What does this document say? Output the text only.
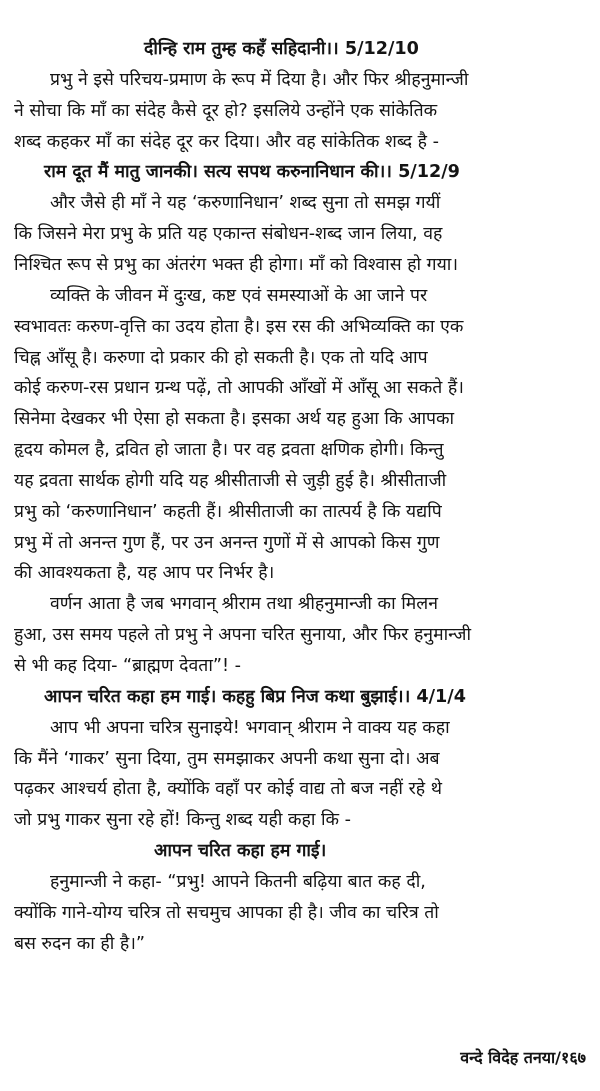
दीन्हि राम तुम्ह कहँ सहिदानी।। 5/12/10
प्रभु ने इसे परिचय-प्रमाण के रूप में दिया है। और फिर श्रीहनुमान्जी
ने सोचा कि माँ का संदेह कैसे दूर हो? इसलिये उन्होंने एक सांकेतिक
शब्द कहकर माँ का संदेह दूर कर दिया। और वह सांकेतिक शब्द है -
राम दूत मैं मातु जानकी। सत्य सपथ करुनानिधान की।। 5/12/9
और जैसे ही माँ ने यह ‘करुणानिधान’ शब्द सुना तो समझ गयीं
कि जिसने मेरा प्रभु के प्रति यह एकान्त संबोधन-शब्द जान लिया, वह
निश्चित रूप से प्रभु का अंतरंग भक्त ही होगा। माँ को विश्वास हो गया।
व्यक्ति के जीवन में दुःख, कष्ट एवं समस्याओं के आ जाने पर
स्वभावतः करुण-वृत्ति का उदय होता है। इस रस की अभिव्यक्ति का एक
चिह्न आँसू है। करुणा दो प्रकार की हो सकती है। एक तो यदि आप
कोई करुण-रस प्रधान ग्रन्थ पढ़ें, तो आपकी आँखों में आँसू आ सकते हैं।
सिनेमा देखकर भी ऐसा हो सकता है। इसका अर्थ यह हुआ कि आपका
हृदय कोमल है, द्रवित हो जाता है। पर वह द्रवता क्षणिक होगी। किन्तु
यह द्रवता सार्थक होगी यदि यह श्रीसीताजी से जुड़ी हुई है। श्रीसीताजी
प्रभु को ‘करुणानिधान’ कहती हैं। श्रीसीताजी का तात्पर्य है कि यद्यपि
प्रभु में तो अनन्त गुण हैं, पर उन अनन्त गुणों में से आपको किस गुण
की आवश्यकता है, यह आप पर निर्भर है।
वर्णन आता है जब भगवान् श्रीराम तथा श्रीहनुमान्जी का मिलन
हुआ, उस समय पहले तो प्रभु ने अपना चरित सुनाया, और फिर हनुमान्जी
से भी कह दिया- “ब्राह्मण देवता”! -
आपन चरित कहा हम गाई। कहहु बिप्र निज कथा बुझाई।। 4/1/4
आप भी अपना चरित्र सुनाइये! भगवान् श्रीराम ने वाक्य यह कहा
कि मैंने ‘गाकर’ सुना दिया, तुम समझाकर अपनी कथा सुना दो। अब
पढ़कर आश्चर्य होता है, क्योंकि वहाँ पर कोई वाद्य तो बज नहीं रहे थे
जो प्रभु गाकर सुना रहे हों! किन्तु शब्द यही कहा कि -
आपन चरित कहा हम गाई।
हनुमान्जी ने कहा- “प्रभु! आपने कितनी बढ़िया बात कह दी,
क्योंकि गाने-योग्य चरित्र तो सचमुच आपका ही है। जीव का चरित्र तो
बस रुदन का ही है।”
वन्दे विदेह तनया/१६७
